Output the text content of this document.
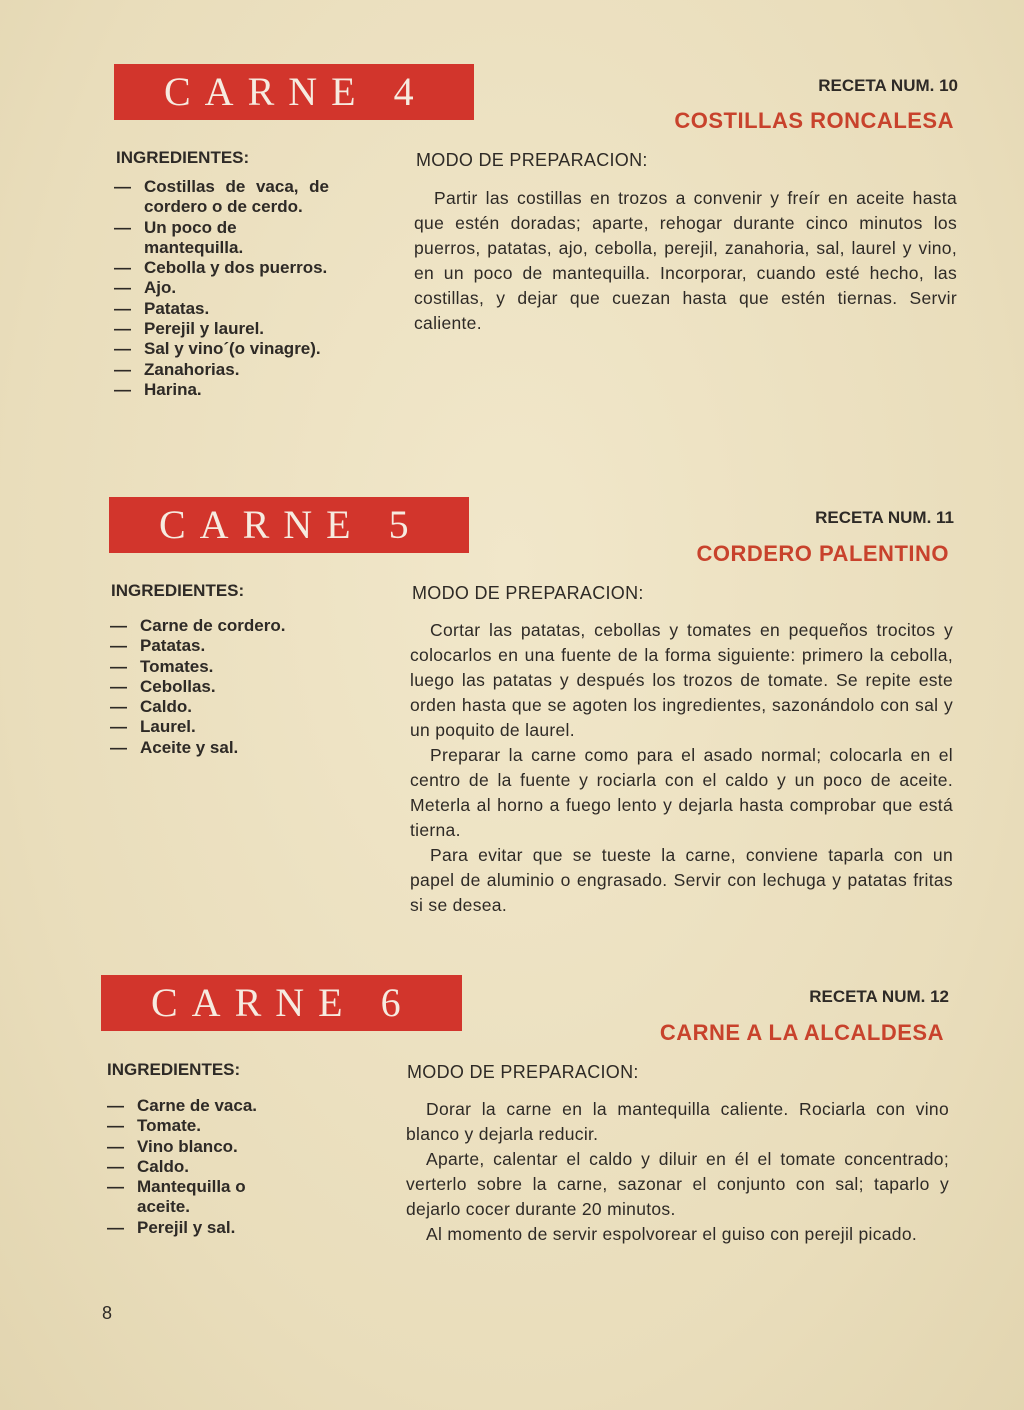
CARNE 4	RECETA NUM. 10
COSTILLAS RONCALESA
INGREDIENTES:
— Costillas de vaca, de cordero o de cerdo.
— Un poco de mantequilla.
— Cebolla y dos puerros.
— Ajo.
— Patatas.
— Perejil y laurel.
— Sal y vino´(o vinagre).
— Zanahorias.
— Harina.
MODO DE PREPARACION:

Partir las costillas en trozos a convenir y freír en aceite hasta que estén doradas; aparte, rehogar durante cinco minutos los puerros, patatas, ajo, cebolla, perejil, zanahoria, sal, laurel y vino, en un poco de mantequilla. Incorporar, cuando esté hecho, las costillas, y dejar que cuezan hasta que estén tiernas. Servir caliente.

CARNE 5	RECETA NUM. 11
CORDERO PALENTINO
INGREDIENTES:
— Carne de cordero.
— Patatas.
— Tomates.
— Cebollas.
— Caldo.
— Laurel.
— Aceite y sal.
MODO DE PREPARACION:

Cortar las patatas, cebollas y tomates en pequeños trocitos y colocarlos en una fuente de la forma siguiente: primero la cebolla, luego las patatas y después los trozos de tomate. Se repite este orden hasta que se agoten los ingredientes, sazonándolo con sal y un poquito de laurel.

Preparar la carne como para el asado normal; colocarla en el centro de la fuente y rociarla con el caldo y un poco de aceite. Meterla al horno a fuego lento y dejarla hasta comprobar que está tierna.

Para evitar que se tueste la carne, conviene taparla con un papel de aluminio o engrasado. Servir con lechuga y patatas fritas si se desea.

CARNE 6	RECETA NUM. 12
CARNE A LA ALCALDESA
INGREDIENTES:
— Carne de vaca.
— Tomate.
— Vino blanco.
— Caldo.
— Mantequilla o aceite.
— Perejil y sal.
MODO DE PREPARACION:

Dorar la carne en la mantequilla caliente. Rociarla con vino blanco y dejarla reducir.

Aparte, calentar el caldo y diluir en él el tomate concentrado; verterlo sobre la carne, sazonar el conjunto con sal; taparlo y dejarlo cocer durante 20 minutos.

Al momento de servir espolvorear el guiso con perejil picado.

8
